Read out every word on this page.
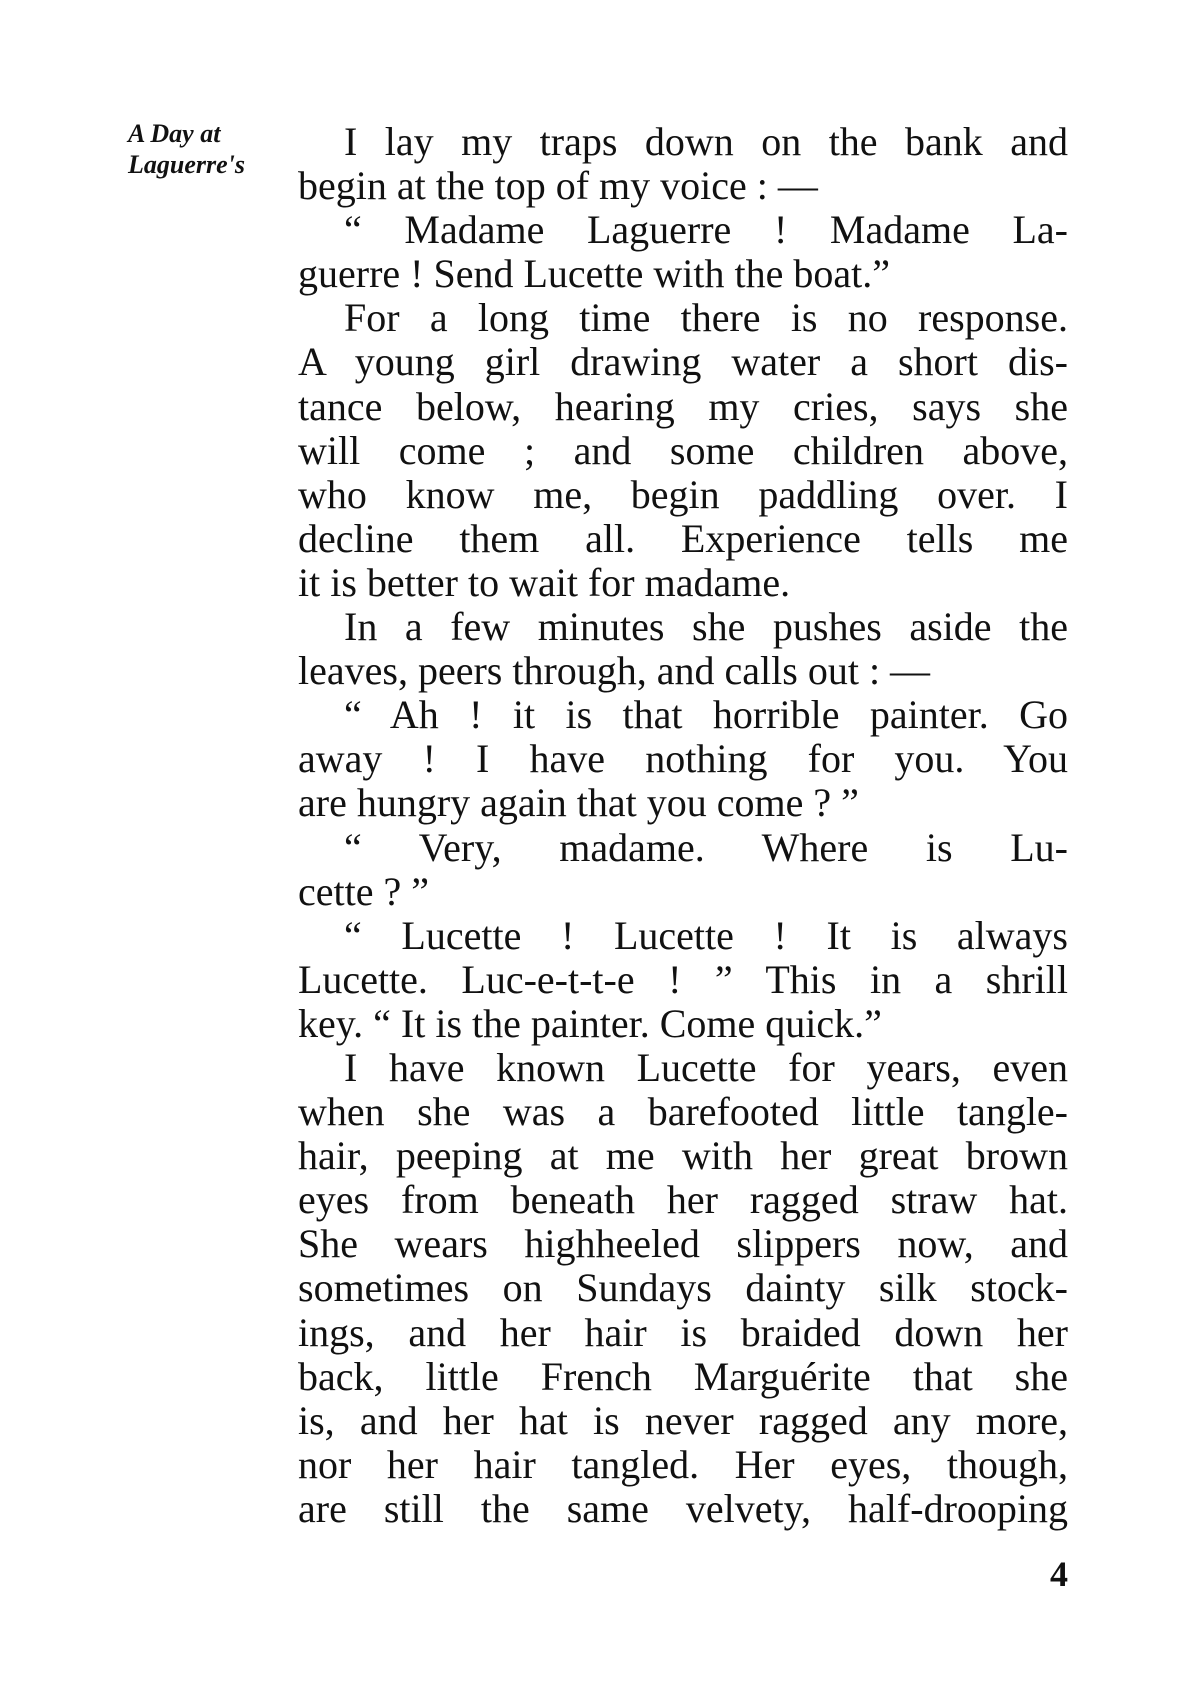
A Day at
Laguerre's
I lay my traps down on the bank and
begin at the top of my voice : —
“ Madame Laguerre ! Madame La-
guerre ! Send Lucette with the boat.”
For a long time there is no response.
A young girl drawing water a short dis-
tance below, hearing my cries, says she
will come ; and some children above,
who know me, begin paddling over. I
decline them all. Experience tells me
it is better to wait for madame.
In a few minutes she pushes aside the
leaves, peers through, and calls out : —
“ Ah ! it is that horrible painter. Go
away ! I have nothing for you. You
are hungry again that you come ? ”
“ Very, madame. Where is Lu-
cette ? ”
“ Lucette ! Lucette ! It is always
Lucette. Luc-e-t-t-e ! ” This in a shrill
key. “ It is the painter. Come quick.”
I have known Lucette for years, even
when she was a barefooted little tangle-
hair, peeping at me with her great brown
eyes from beneath her ragged straw hat.
She wears highheeled slippers now, and
sometimes on Sundays dainty silk stock-
ings, and her hair is braided down her
back, little French Marguérite that she
is, and her hat is never ragged any more,
nor her hair tangled. Her eyes, though,
are still the same velvety, half-drooping
4
